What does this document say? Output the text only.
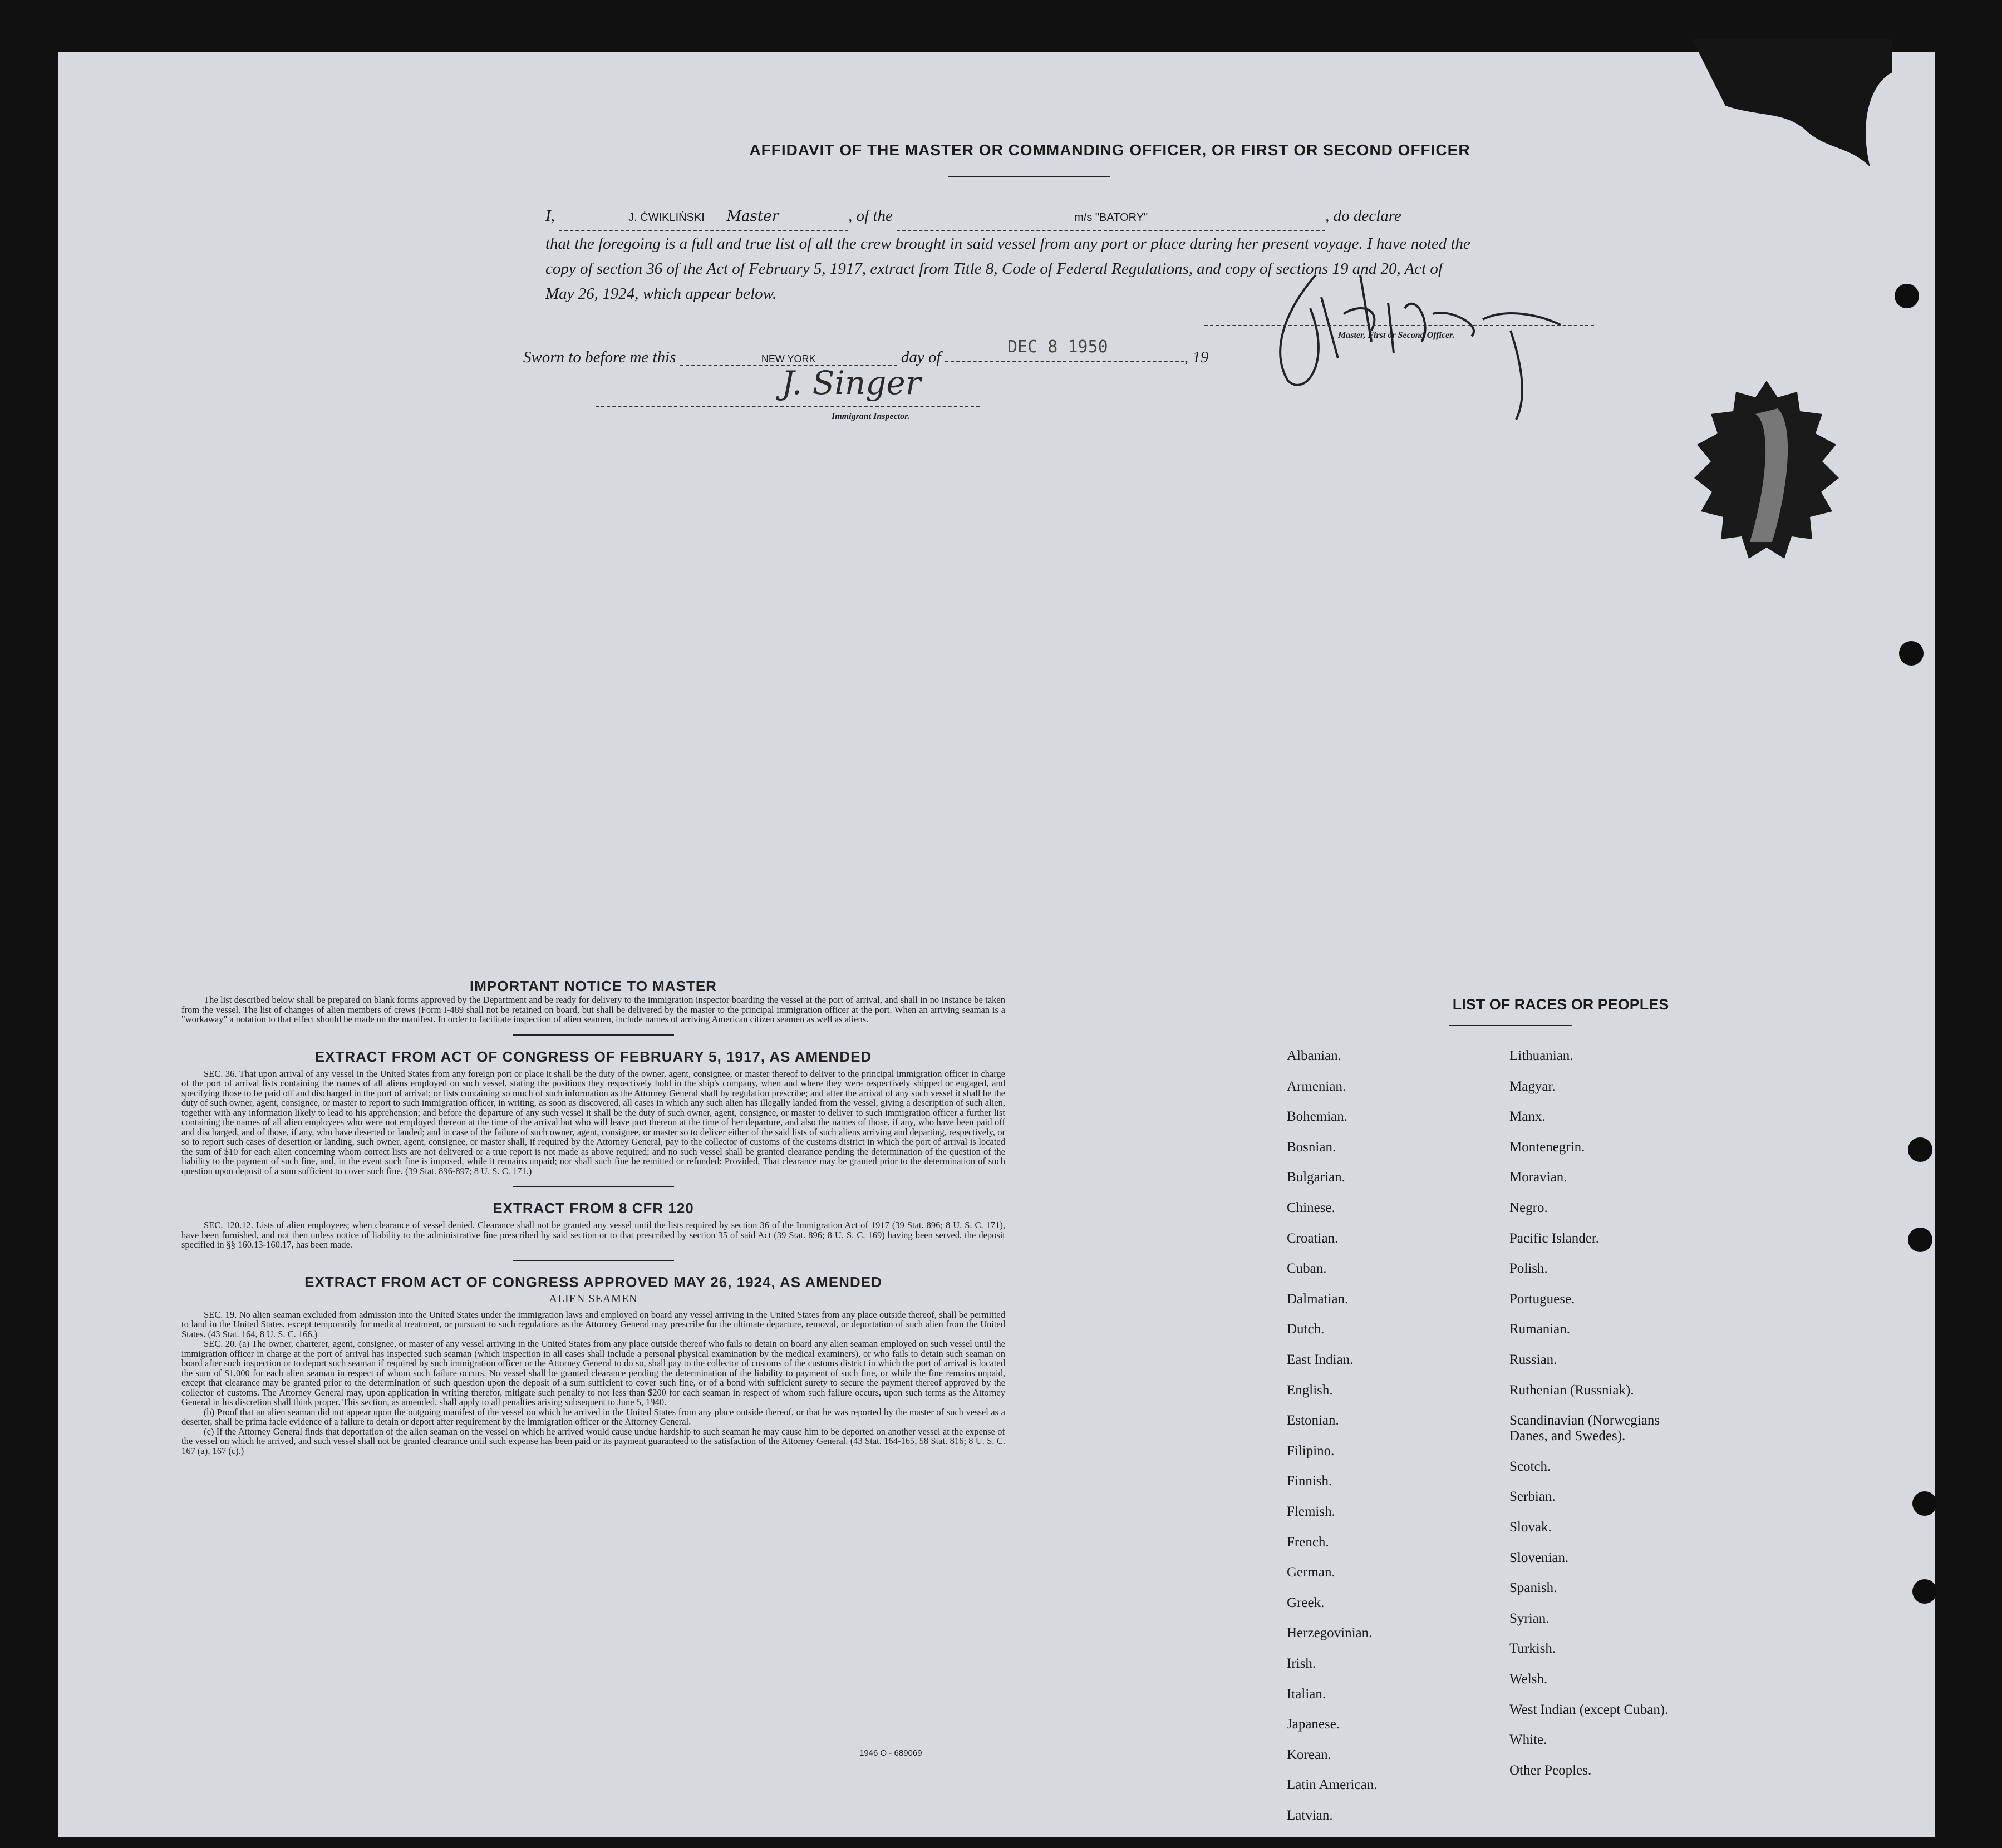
AFFIDAVIT OF THE MASTER OR COMMANDING OFFICER, OR FIRST OR SECOND OFFICER
I,	J. ĆWIKLIŃSKI Master	, of the	m/s "BATORY"	, do declare
that the foregoing is a full and true list of all the crew brought in said vessel from any port or place during her present voyage. I have noted the
copy of section 36 of the Act of February 5, 1917, extract from Title 8, Code of Federal Regulations, and copy of sections 19 and 20, Act of
May 26, 1924, which appear below.
Master, First or Second Officer.
Sworn to before me this	NEW YORK	day of	, 19
DEC 8 1950
J. Singer
Immigrant Inspector.
IMPORTANT NOTICE TO MASTER

The list described below shall be prepared on blank forms approved by the Department and be ready for delivery to the immigration inspector boarding the vessel at the port of arrival, and shall in no instance be taken from the vessel. The list of changes of alien members of crews (Form I-489 shall not be retained on board, but shall be delivered by the master to the principal immigration officer at the port. When an arriving seaman is a "workaway" a notation to that effect should be made on the manifest. In order to facilitate inspection of alien seamen, include names of arriving American citizen seamen as well as aliens.

EXTRACT FROM ACT OF CONGRESS OF FEBRUARY 5, 1917, AS AMENDED

SEC. 36. That upon arrival of any vessel in the United States from any foreign port or place it shall be the duty of the owner, agent, consignee, or master thereof to deliver to the principal immigration officer in charge of the port of arrival lists containing the names of all aliens employed on such vessel, stating the positions they respectively hold in the ship's company, when and where they were respectively shipped or engaged, and specifying those to be paid off and discharged in the port of arrival; or lists containing so much of such information as the Attorney General shall by regulation prescribe; and after the arrival of any such vessel it shall be the duty of such owner, agent, consignee, or master to report to such immigration officer, in writing, as soon as discovered, all cases in which any such alien has illegally landed from the vessel, giving a description of such alien, together with any information likely to lead to his apprehension; and before the departure of any such vessel it shall be the duty of such owner, agent, consignee, or master to deliver to such immigration officer a further list containing the names of all alien employees who were not employed thereon at the time of the arrival but who will leave port thereon at the time of her departure, and also the names of those, if any, who have been paid off and discharged, and of those, if any, who have deserted or landed; and in case of the failure of such owner, agent, consignee, or master so to deliver either of the said lists of such aliens arriving and departing, respectively, or so to report such cases of desertion or landing, such owner, agent, consignee, or master shall, if required by the Attorney General, pay to the collector of customs of the customs district in which the port of arrival is located the sum of $10 for each alien concerning whom correct lists are not delivered or a true report is not made as above required; and no such vessel shall be granted clearance pending the determination of the question of the liability to the payment of such fine, and, in the event such fine is imposed, while it remains unpaid; nor shall such fine be remitted or refunded: Provided, That clearance may be granted prior to the determination of such question upon deposit of a sum sufficient to cover such fine. (39 Stat. 896-897; 8 U. S. C. 171.)

EXTRACT FROM 8 CFR 120

SEC. 120.12. Lists of alien employees; when clearance of vessel denied. Clearance shall not be granted any vessel until the lists required by section 36 of the Immigration Act of 1917 (39 Stat. 896; 8 U. S. C. 171), have been furnished, and not then unless notice of liability to the administrative fine prescribed by said section or to that prescribed by section 35 of said Act (39 Stat. 896; 8 U. S. C. 169) having been served, the deposit specified in §§ 160.13-160.17, has been made.

EXTRACT FROM ACT OF CONGRESS APPROVED MAY 26, 1924, AS AMENDED
ALIEN SEAMEN

SEC. 19. No alien seaman excluded from admission into the United States under the immigration laws and employed on board any vessel arriving in the United States from any place outside thereof, shall be permitted to land in the United States, except temporarily for medical treatment, or pursuant to such regulations as the Attorney General may prescribe for the ultimate departure, removal, or deportation of such alien from the United States. (43 Stat. 164, 8 U. S. C. 166.)

SEC. 20. (a) The owner, charterer, agent, consignee, or master of any vessel arriving in the United States from any place outside thereof who fails to detain on board any alien seaman employed on such vessel until the immigration officer in charge at the port of arrival has inspected such seaman (which inspection in all cases shall include a personal physical examination by the medical examiners), or who fails to detain such seaman on board after such inspection or to deport such seaman if required by such immigration officer or the Attorney General to do so, shall pay to the collector of customs of the customs district in which the port of arrival is located the sum of $1,000 for each alien seaman in respect of whom such failure occurs. No vessel shall be granted clearance pending the determination of the liability to payment of such fine, or while the fine remains unpaid, except that clearance may be granted prior to the determination of such question upon the deposit of a sum sufficient to cover such fine, or of a bond with sufficient surety to secure the payment thereof approved by the collector of customs. The Attorney General may, upon application in writing therefor, mitigate such penalty to not less than $200 for each seaman in respect of whom such failure occurs, upon such terms as the Attorney General in his discretion shall think proper. This section, as amended, shall apply to all penalties arising subsequent to June 5, 1940.

(b) Proof that an alien seaman did not appear upon the outgoing manifest of the vessel on which he arrived in the United States from any place outside thereof, or that he was reported by the master of such vessel as a deserter, shall be prima facie evidence of a failure to detain or deport after requirement by the immigration officer or the Attorney General.

(c) If the Attorney General finds that deportation of the alien seaman on the vessel on which he arrived would cause undue hardship to such seaman he may cause him to be deported on another vessel at the expense of the vessel on which he arrived, and such vessel shall not be granted clearance until such expense has been paid or its payment guaranteed to the satisfaction of the Attorney General. (43 Stat. 164-165, 58 Stat. 816; 8 U. S. C. 167 (a), 167 (c).)

1946 O - 689069
LIST OF RACES OR PEOPLES
Albanian.
Armenian.
Bohemian.
Bosnian.
Bulgarian.
Chinese.
Croatian.
Cuban.
Dalmatian.
Dutch.
East Indian.
English.
Estonian.
Filipino.
Finnish.
Flemish.
French.
German.
Greek.
Herzegovinian.
Irish.
Italian.
Japanese.
Korean.
Latin American.
Latvian.
Lithuanian.
Magyar.
Manx.
Montenegrin.
Moravian.
Negro.
Pacific Islander.
Polish.
Portuguese.
Rumanian.
Russian.
Ruthenian (Russniak).
Scandinavian (Norwegians
Danes, and Swedes).
Scotch.
Serbian.
Slovak.
Slovenian.
Spanish.
Syrian.
Turkish.
Welsh.
West Indian (except Cuban).
White.
Other Peoples.
